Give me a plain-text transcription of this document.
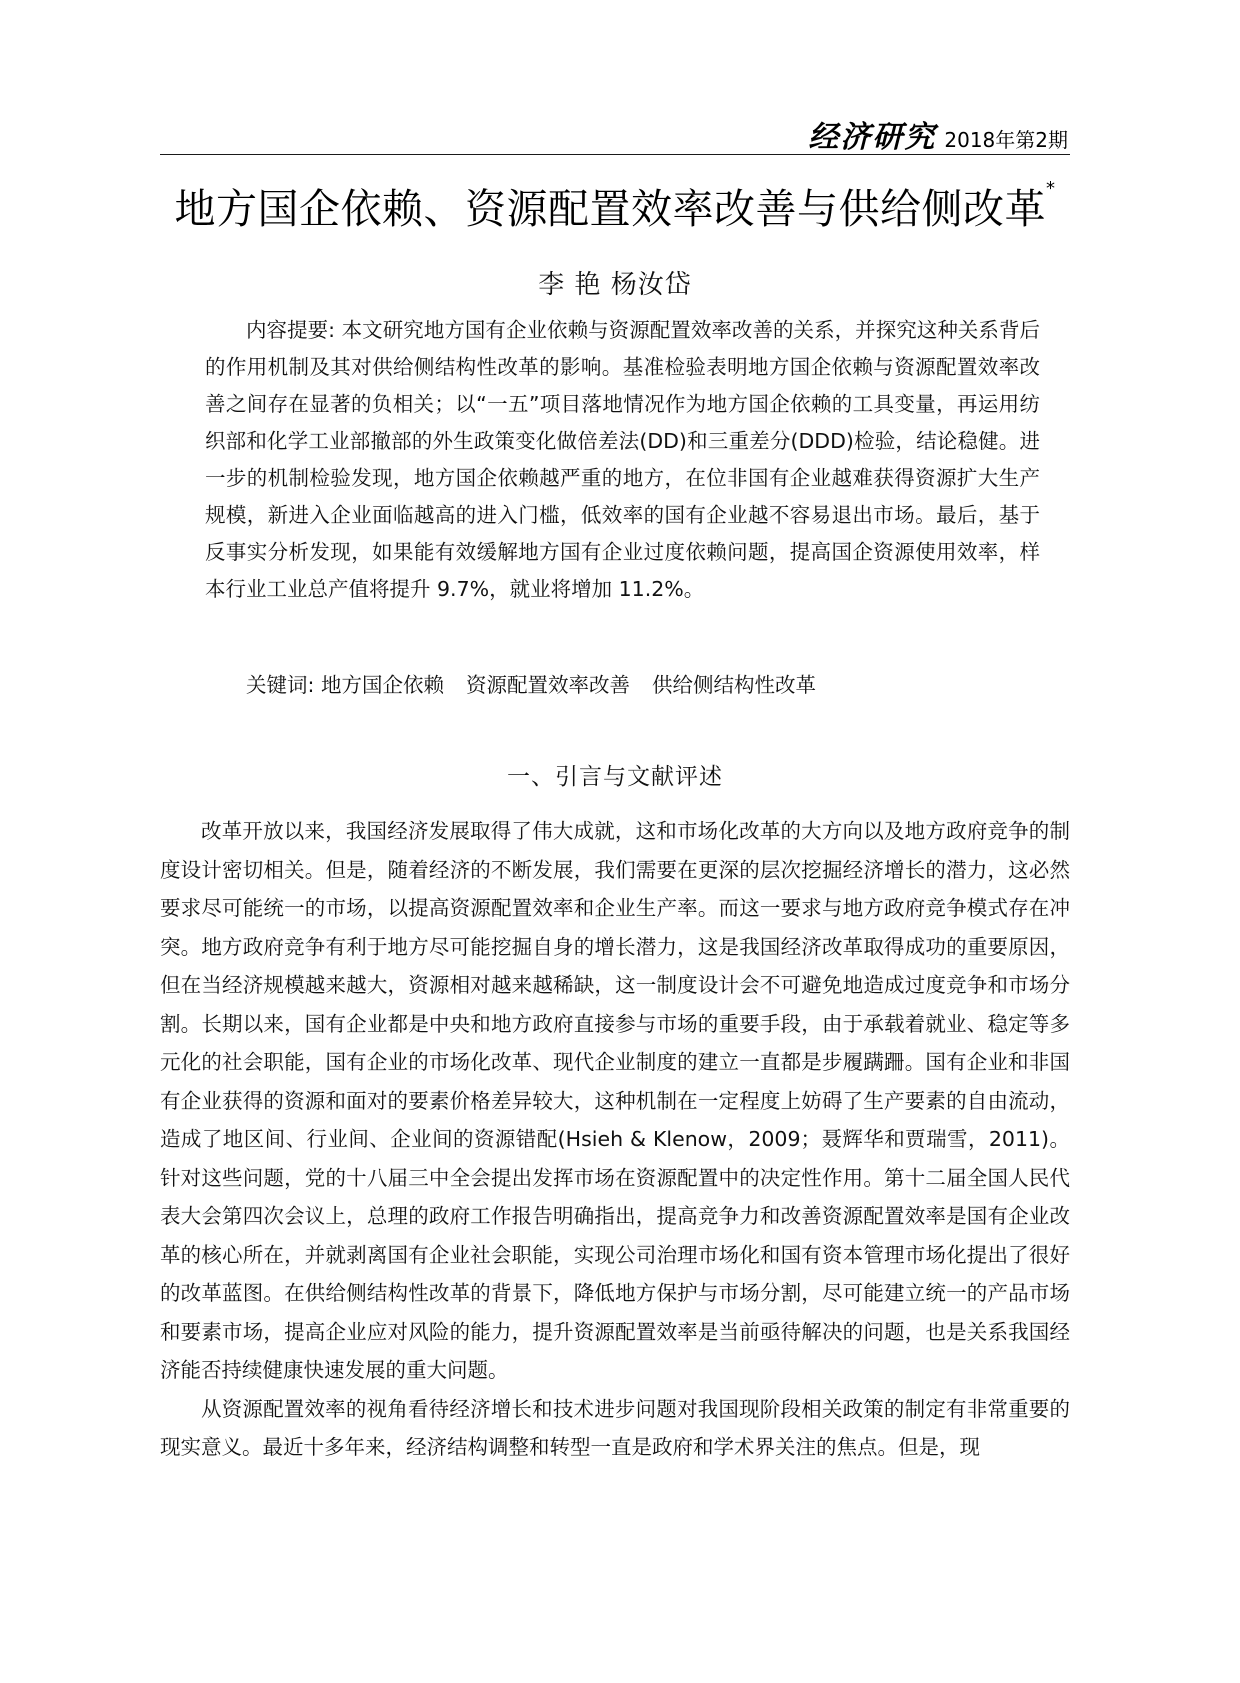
经济研究 2018年第2期
地方国企依赖、资源配置效率改善与供给侧改革*
李 艳 杨汝岱

内容提要: 本文研究地方国有企业依赖与资源配置效率改善的关系，并探究这种关系背后的作用机制及其对供给侧结构性改革的影响。基准检验表明地方国企依赖与资源配置效率改善之间存在显著的负相关；以“一五”项目落地情况作为地方国企依赖的工具变量，再运用纺织部和化学工业部撤部的外生政策变化做倍差法(DD)和三重差分(DDD)检验，结论稳健。进一步的机制检验发现，地方国企依赖越严重的地方，在位非国有企业越难获得资源扩大生产规模，新进入企业面临越高的进入门槛，低效率的国有企业越不容易退出市场。最后，基于反事实分析发现，如果能有效缓解地方国有企业过度依赖问题，提高国企资源使用效率，样本行业工业总产值将提升 9.7%，就业将增加 11.2%。

关键词: 地方国企依赖 资源配置效率改善 供给侧结构性改革
一、引言与文献评述

改革开放以来，我国经济发展取得了伟大成就，这和市场化改革的大方向以及地方政府竞争的制度设计密切相关。但是，随着经济的不断发展，我们需要在更深的层次挖掘经济增长的潜力，这必然要求尽可能统一的市场，以提高资源配置效率和企业生产率。而这一要求与地方政府竞争模式存在冲突。地方政府竞争有利于地方尽可能挖掘自身的增长潜力，这是我国经济改革取得成功的重要原因，但在当经济规模越来越大，资源相对越来越稀缺，这一制度设计会不可避免地造成过度竞争和市场分割。长期以来，国有企业都是中央和地方政府直接参与市场的重要手段，由于承载着就业、稳定等多元化的社会职能，国有企业的市场化改革、现代企业制度的建立一直都是步履蹒跚。国有企业和非国有企业获得的资源和面对的要素价格差异较大，这种机制在一定程度上妨碍了生产要素的自由流动，造成了地区间、行业间、企业间的资源错配(Hsieh & Klenow，2009；聂辉华和贾瑞雪，2011)。针对这些问题，党的十八届三中全会提出发挥市场在资源配置中的决定性作用。第十二届全国人民代表大会第四次会议上，总理的政府工作报告明确指出，提高竞争力和改善资源配置效率是国有企业改革的核心所在，并就剥离国有企业社会职能，实现公司治理市场化和国有资本管理市场化提出了很好的改革蓝图。在供给侧结构性改革的背景下，降低地方保护与市场分割，尽可能建立统一的产品市场和要素市场，提高企业应对风险的能力，提升资源配置效率是当前亟待解决的问题，也是关系我国经济能否持续健康快速发展的重大问题。

从资源配置效率的视角看待经济增长和技术进步问题对我国现阶段相关政策的制定有非常重要的现实意义。最近十多年来，经济结构调整和转型一直是政府和学术界关注的焦点。但是，现
